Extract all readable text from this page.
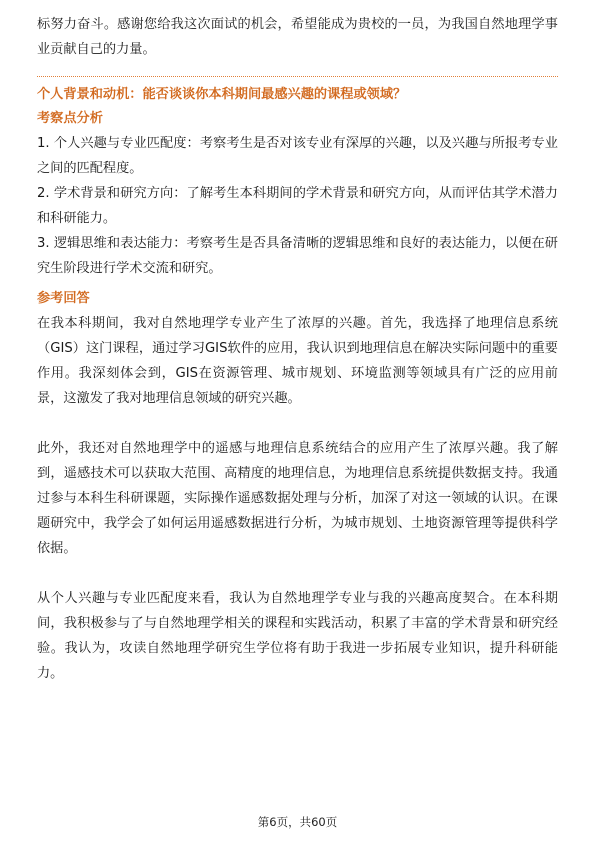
标努力奋斗。感谢您给我这次面试的机会，希望能成为贵校的一员，为我国自然地理学事业贡献自己的力量。

个人背景和动机：能否谈谈你本科期间最感兴趣的课程或领域？

考察点分析

1. 个人兴趣与专业匹配度：考察考生是否对该专业有深厚的兴趣，以及兴趣与所报考专业之间的匹配程度。
2. 学术背景和研究方向：了解考生本科期间的学术背景和研究方向，从而评估其学术潜力和科研能力。
3. 逻辑思维和表达能力：考察考生是否具备清晰的逻辑思维和良好的表达能力，以便在研究生阶段进行学术交流和研究。

参考回答

在我本科期间，我对自然地理学专业产生了浓厚的兴趣。首先，我选择了地理信息系统（GIS）这门课程，通过学习GIS软件的应用，我认识到地理信息在解决实际问题中的重要作用。我深刻体会到，GIS在资源管理、城市规划、环境监测等领域具有广泛的应用前景，这激发了我对地理信息领域的研究兴趣。

此外，我还对自然地理学中的遥感与地理信息系统结合的应用产生了浓厚兴趣。我了解到，遥感技术可以获取大范围、高精度的地理信息，为地理信息系统提供数据支持。我通过参与本科生科研课题，实际操作遥感数据处理与分析，加深了对这一领域的认识。在课题研究中，我学会了如何运用遥感数据进行分析，为城市规划、土地资源管理等提供科学依据。

从个人兴趣与专业匹配度来看，我认为自然地理学专业与我的兴趣高度契合。在本科期间，我积极参与了与自然地理学相关的课程和实践活动，积累了丰富的学术背景和研究经验。我认为，攻读自然地理学研究生学位将有助于我进一步拓展专业知识，提升科研能力。

第6页，共60页
